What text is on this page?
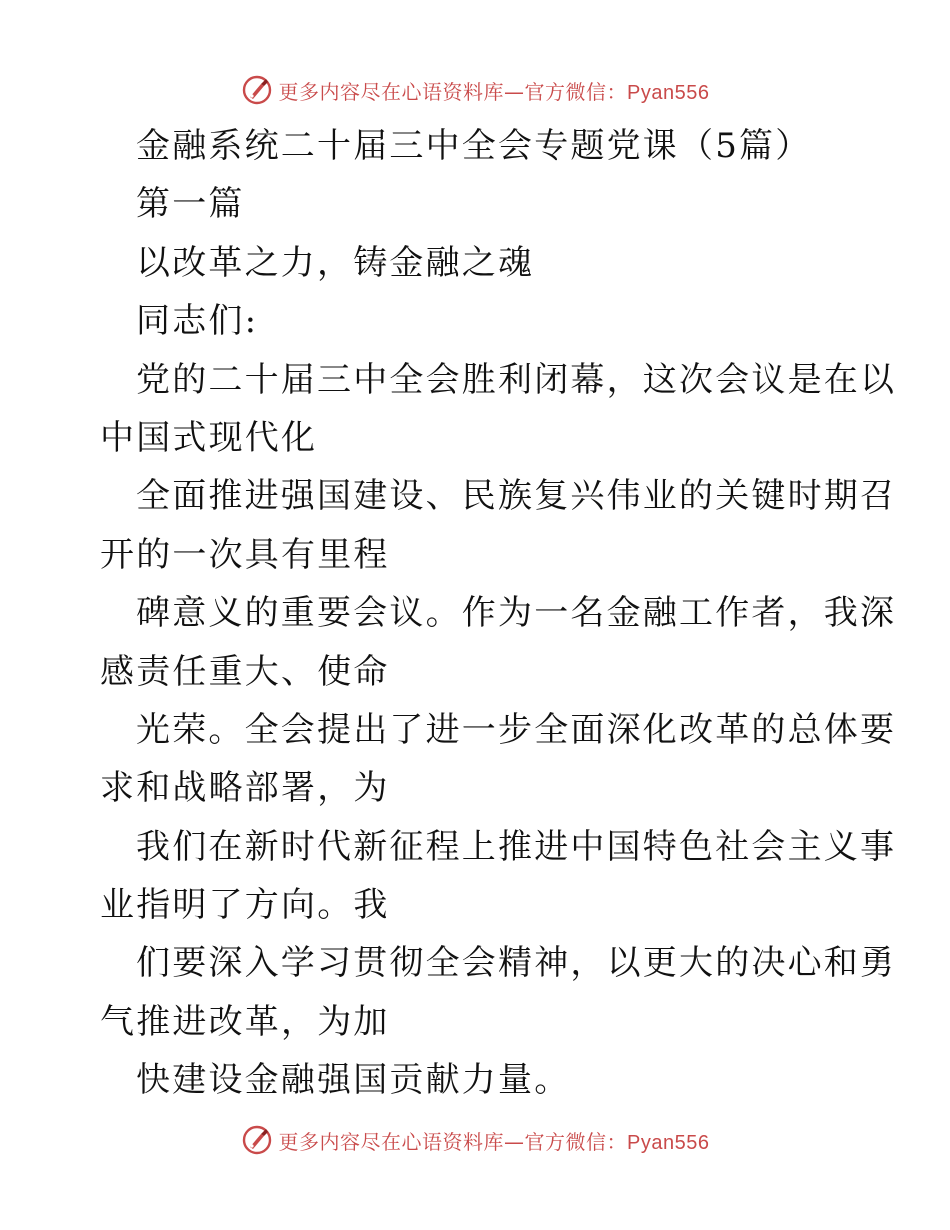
更多内容尽在心语资料库—官方微信：Pyan556
金融系统二十届三中全会专题党课（5篇）
第一篇
以改革之力，铸金融之魂
同志们:
党的二十届三中全会胜利闭幕，这次会议是在以
中国式现代化
全面推进强国建设、民族复兴伟业的关键时期召
开的一次具有里程
碑意义的重要会议。作为一名金融工作者，我深
感责任重大、使命
光荣。全会提出了进一步全面深化改革的总体要
求和战略部署，为
我们在新时代新征程上推进中国特色社会主义事
业指明了方向。我
们要深入学习贯彻全会精神，以更大的决心和勇
气推进改革，为加
快建设金融强国贡献力量。
更多内容尽在心语资料库—官方微信：Pyan556
